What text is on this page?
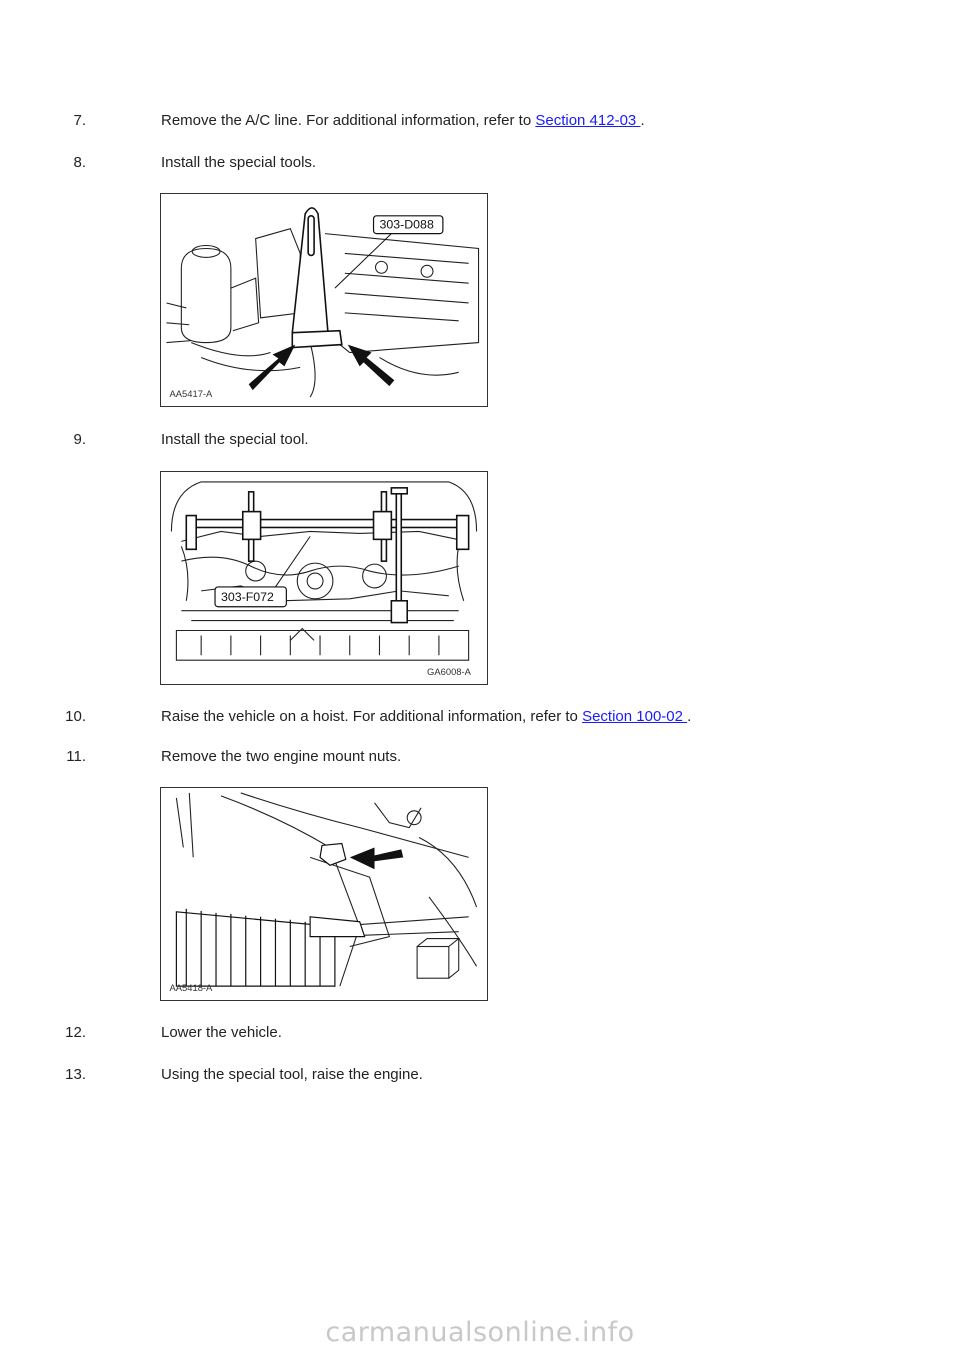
7.	Remove the A/C line. For additional information, refer to Section 412-03 .
8.	Install the special tools.
303-D088
AA5417-A
9.	Install the special tool.
303-F072
GA6008-A
10.	Raise the vehicle on a hoist. For additional information, refer to Section 100-02 .
11.	Remove the two engine mount nuts.
AA5418-A
12.	Lower the vehicle.
13.	Using the special tool, raise the engine.
carmanualsonline.info
